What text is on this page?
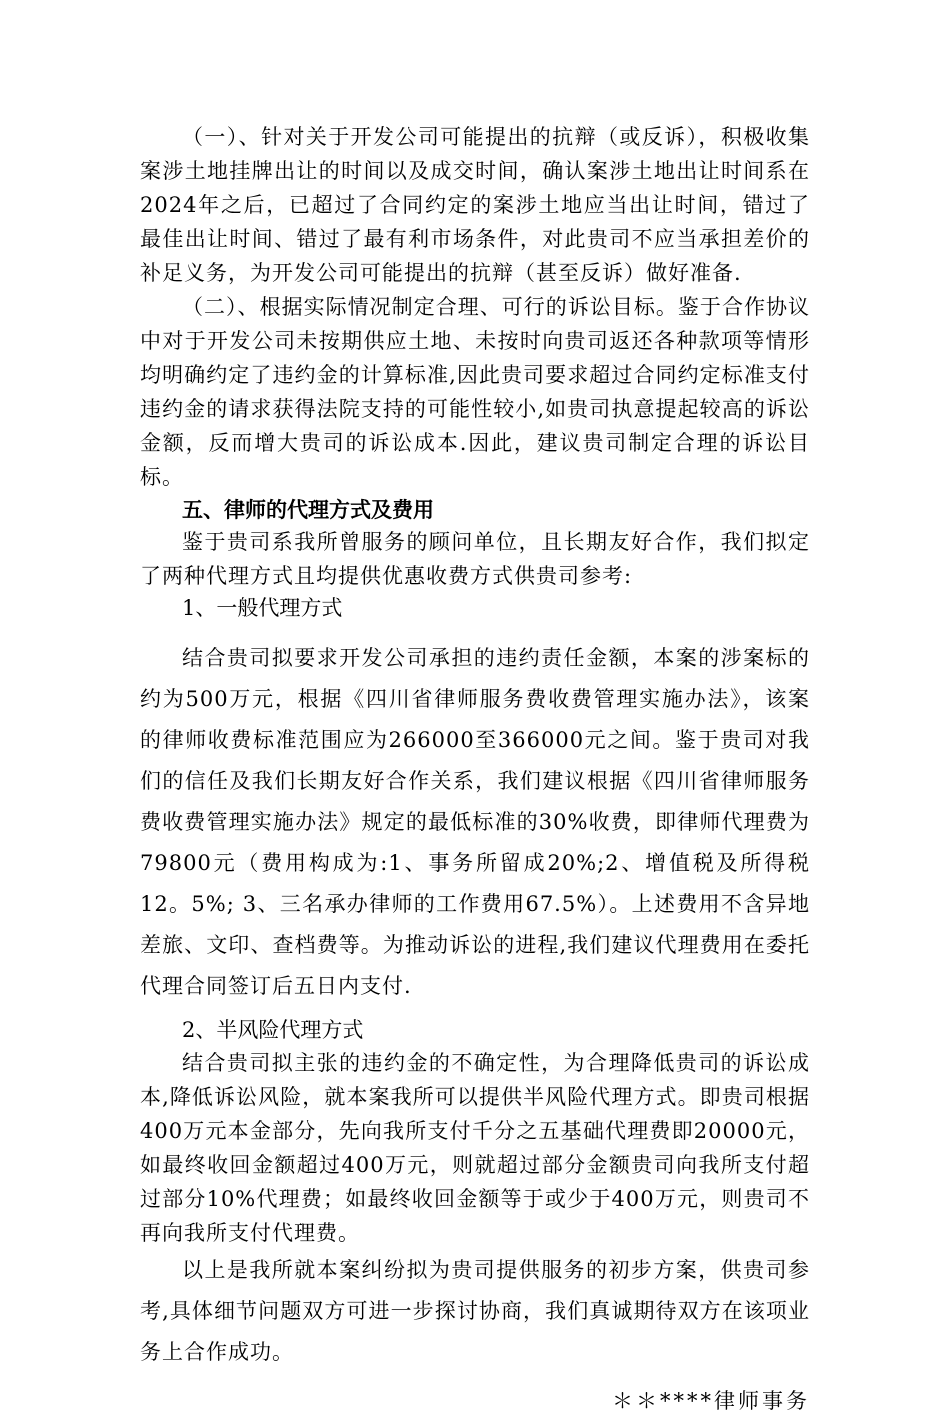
（一）、针对关于开发公司可能提出的抗辩（或反诉），积极收集案涉土地挂牌出让的时间以及成交时间，确认案涉土地出让时间系在2024年之后，已超过了合同约定的案涉土地应当出让时间，错过了最佳出让时间、错过了最有利市场条件，对此贵司不应当承担差价的补足义务，为开发公司可能提出的抗辩（甚至反诉）做好准备.

（二）、根据实际情况制定合理、可行的诉讼目标。鉴于合作协议中对于开发公司未按期供应土地、未按时向贵司返还各种款项等情形均明确约定了违约金的计算标准,因此贵司要求超过合同约定标准支付违约金的请求获得法院支持的可能性较小,如贵司执意提起较高的诉讼金额，反而增大贵司的诉讼成本.因此，建议贵司制定合理的诉讼目标。

五、律师的代理方式及费用

鉴于贵司系我所曾服务的顾问单位，且长期友好合作，我们拟定了两种代理方式且均提供优惠收费方式供贵司参考:

1、一般代理方式

结合贵司拟要求开发公司承担的违约责任金额，本案的涉案标的约为500万元，根据《四川省律师服务费收费管理实施办法》，该案的律师收费标准范围应为266000至366000元之间。鉴于贵司对我们的信任及我们长期友好合作关系，我们建议根据《四川省律师服务费收费管理实施办法》规定的最低标准的30%收费，即律师代理费为79800元（费用构成为:1、事务所留成20%;2、增值税及所得税12。5%; 3、三名承办律师的工作费用67.5%）。上述费用不含异地差旅、文印、查档费等。为推动诉讼的进程,我们建议代理费用在委托代理合同签订后五日内支付.

2、半风险代理方式

结合贵司拟主张的违约金的不确定性，为合理降低贵司的诉讼成本,降低诉讼风险，就本案我所可以提供半风险代理方式。即贵司根据400万元本金部分，先向我所支付千分之五基础代理费即20000元，如最终收回金额超过400万元，则就超过部分金额贵司向我所支付超过部分10%代理费；如最终收回金额等于或少于400万元，则贵司不再向我所支付代理费。

以上是我所就本案纠纷拟为贵司提供服务的初步方案，供贵司参考,具体细节问题双方可进一步探讨协商，我们真诚期待双方在该项业务上合作成功。

＊＊****律师事务
